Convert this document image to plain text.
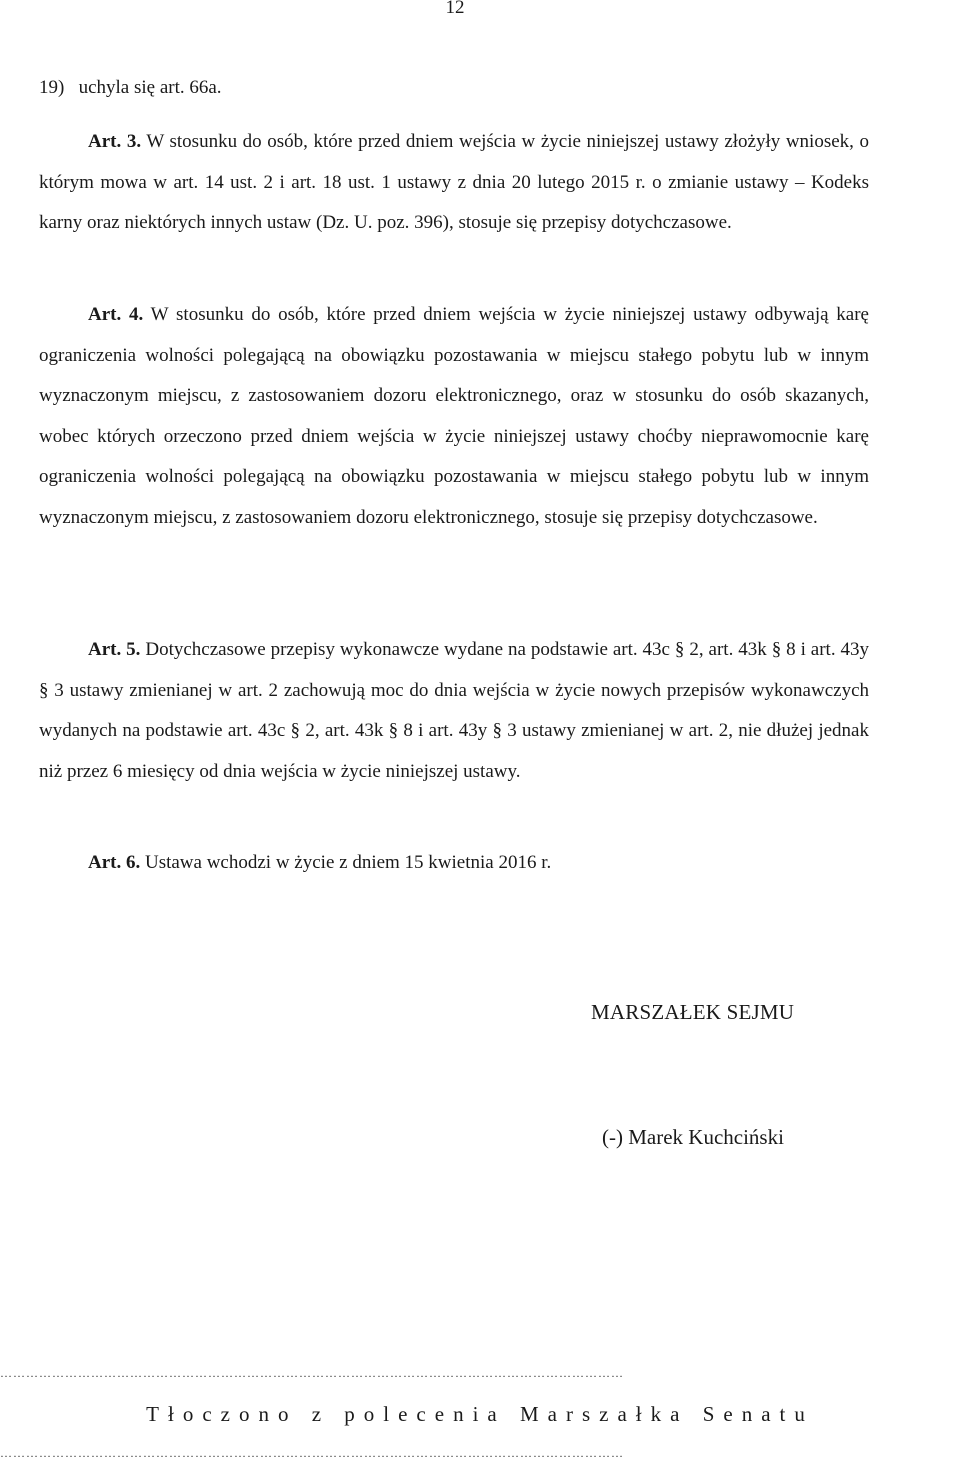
12

19) uchyla się art. 66a.

Art. 3. W stosunku do osób, które przed dniem wejścia w życie niniejszej ustawy złożyły wniosek, o którym mowa w art. 14 ust. 2 i art. 18 ust. 1 ustawy z dnia 20 lutego 2015 r. o zmianie ustawy – Kodeks karny oraz niektórych innych ustaw (Dz. U. poz. 396), stosuje się przepisy dotychczasowe.

Art. 4. W stosunku do osób, które przed dniem wejścia w życie niniejszej ustawy odbywają karę ograniczenia wolności polegającą na obowiązku pozostawania w miejscu stałego pobytu lub w innym wyznaczonym miejscu, z zastosowaniem dozoru elektronicznego, oraz w stosunku do osób skazanych, wobec których orzeczono przed dniem wejścia w życie niniejszej ustawy choćby nieprawomocnie karę ograniczenia wolności polegającą na obowiązku pozostawania w miejscu stałego pobytu lub w innym wyznaczonym miejscu, z zastosowaniem dozoru elektronicznego, stosuje się przepisy dotychczasowe.

Art. 5. Dotychczasowe przepisy wykonawcze wydane na podstawie art. 43c § 2, art. 43k § 8 i art. 43y § 3 ustawy zmienianej w art. 2 zachowują moc do dnia wejścia w życie nowych przepisów wykonawczych wydanych na podstawie art. 43c § 2, art. 43k § 8 i art. 43y § 3 ustawy zmienianej w art. 2, nie dłużej jednak niż przez 6 miesięcy od dnia wejścia w życie niniejszej ustawy.

Art. 6. Ustawa wchodzi w życie z dniem 15 kwietnia 2016 r.

MARSZAŁEK SEJMU
(-) Marek Kuchciński
………………………………………………………………………………………………………………………………
Tłoczono z polecenia Marszałka Senatu
………………………………………………………………………………………………………………………………
